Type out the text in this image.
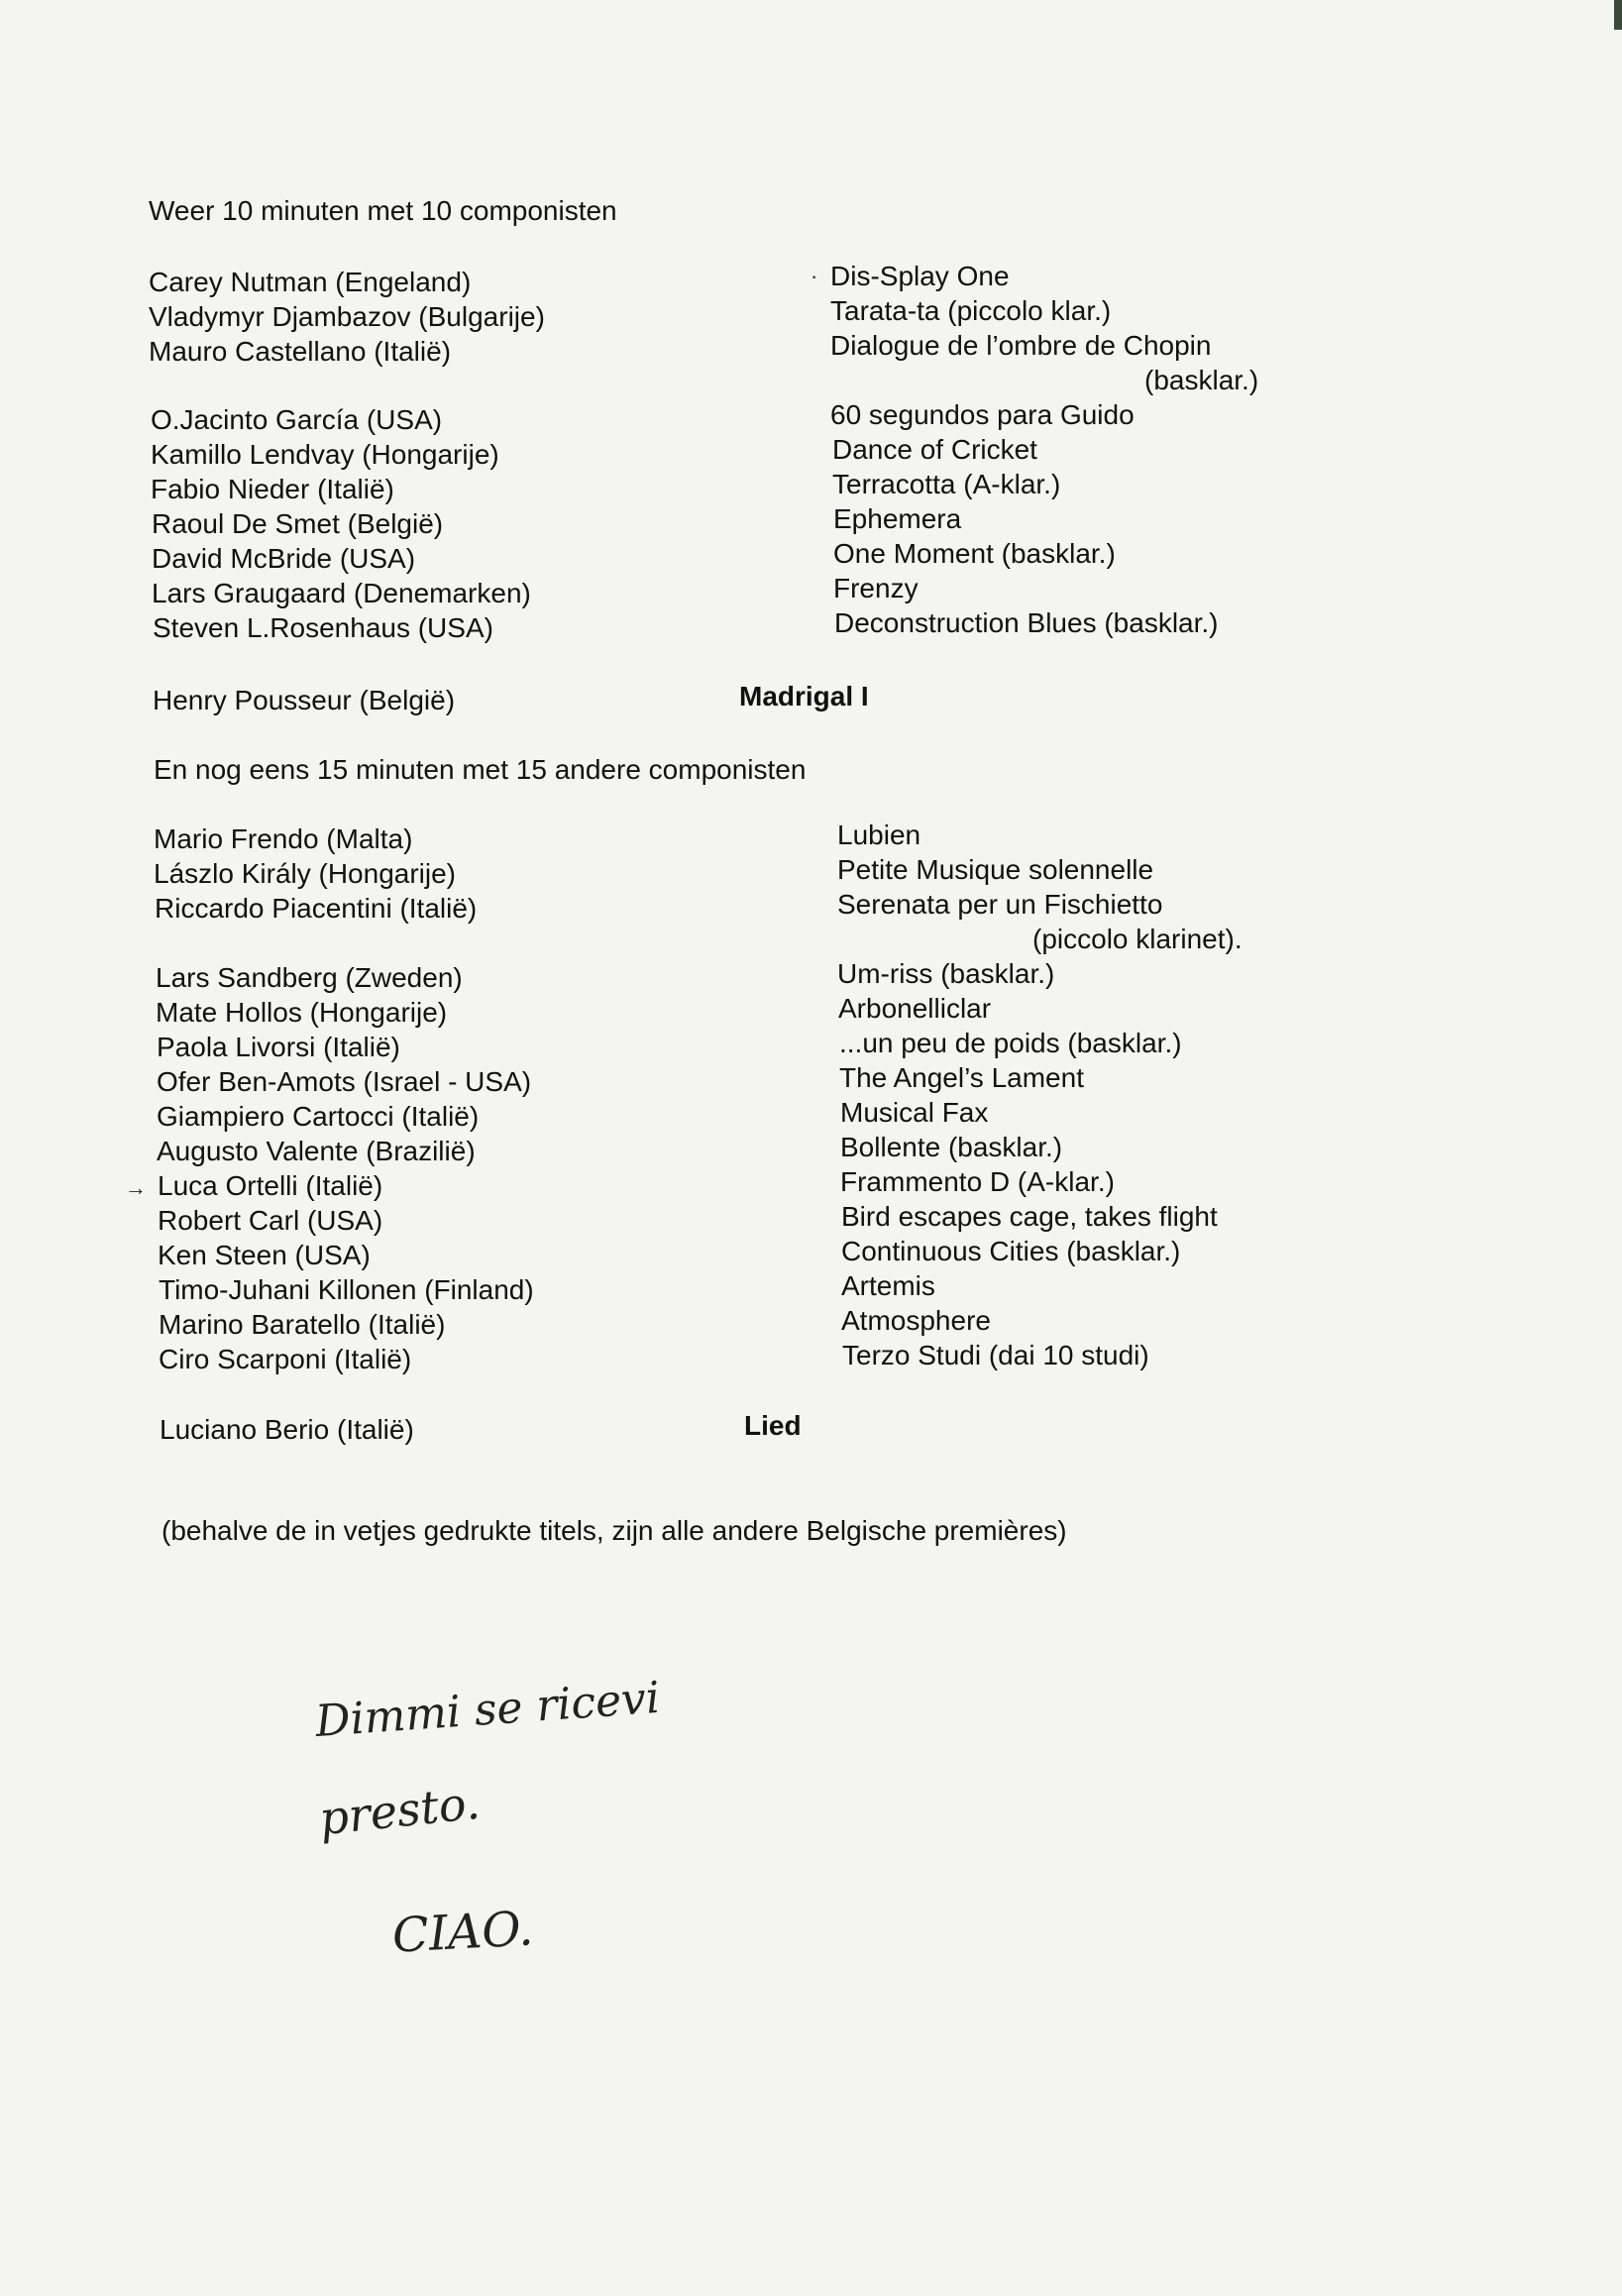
Weer 10 minuten met 10 componisten
Carey Nutman (Engeland)
Vladymyr Djambazov (Bulgarije)
Mauro Castellano (Italië)
O.Jacinto García (USA)
Kamillo Lendvay (Hongarije)
Fabio Nieder (Italië)
Raoul De Smet (België)
David McBride (USA)
Lars Graugaard (Denemarken)
Steven L.Rosenhaus (USA)
· Dis-Splay One
Tarata-ta (piccolo klar.)
Dialogue de l’ombre de Chopin
(basklar.)
60 segundos para Guido
Dance of Cricket
Terracotta (A-klar.)
Ephemera
One Moment (basklar.)
Frenzy
Deconstruction Blues (basklar.)
Henry Pousseur (België)	Madrigal I
En nog eens 15 minuten met 15 andere componisten
Mario Frendo (Malta)
Lászlo Király (Hongarije)
Riccardo Piacentini (Italië)
Lars Sandberg (Zweden)
Mate Hollos (Hongarije)
Paola Livorsi (Italië)
Ofer Ben-Amots (Israel - USA)
Giampiero Cartocci (Italië)
Augusto Valente (Brazilië)
→ Luca Ortelli (Italië)
Robert Carl (USA)
Ken Steen (USA)
Timo-Juhani Killonen (Finland)
Marino Baratello (Italië)
Ciro Scarponi (Italië)
Lubien
Petite Musique solennelle
Serenata per un Fischietto
(piccolo klarinet).
Um-riss (basklar.)
Arbonelliclar
...un peu de poids (basklar.)
The Angel’s Lament
Musical Fax
Bollente (basklar.)
Frammento D (A-klar.)
Bird escapes cage, takes flight
Continuous Cities (basklar.)
Artemis
Atmosphere
Terzo Studi (dai 10 studi)
Luciano Berio (Italië)	Lied
(behalve de in vetjes gedrukte titels, zijn alle andere Belgische premières)
Dimmi se ricevi
presto.
CIAO.
